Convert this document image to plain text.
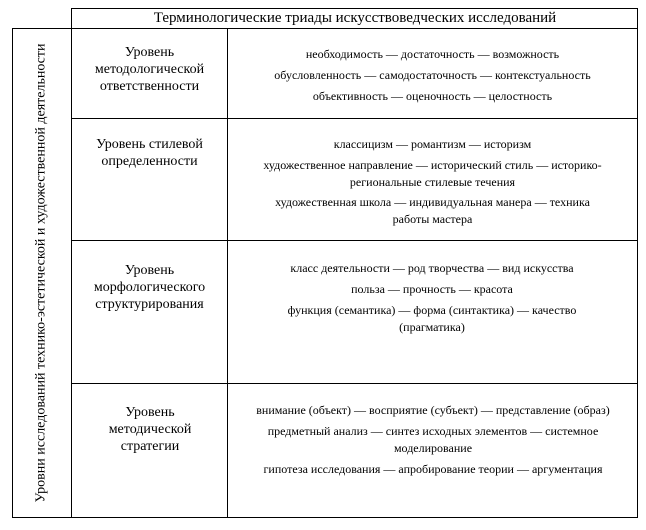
Терминологические триады искусствоведческих исследований
Уровни исследований технико-эстетической и художественной деятельности	Уровень методологической ответственности
необходимость — достаточность — возможность
обусловленность — самодостаточность — контекстуальность
объективность — оценочность — целостность
Уровень стилевой определенности
классицизм — романтизм — историзм
художественное направление — исторический стиль — историко-региональные стилевые течения
художественная школа — индивидуальная манера — техника работы мастера
Уровень морфологического структурирования
класс деятельности — род творчества — вид искусства
польза — прочность — красота
функция (семантика) — форма (синтактика) — качество (прагматика)
Уровень методической стратегии
внимание (объект) — восприятие (субъект) — представление (образ)
предметный анализ — синтез исходных элементов — системное моделирование
гипотеза исследования — апробирование теории — аргументация
